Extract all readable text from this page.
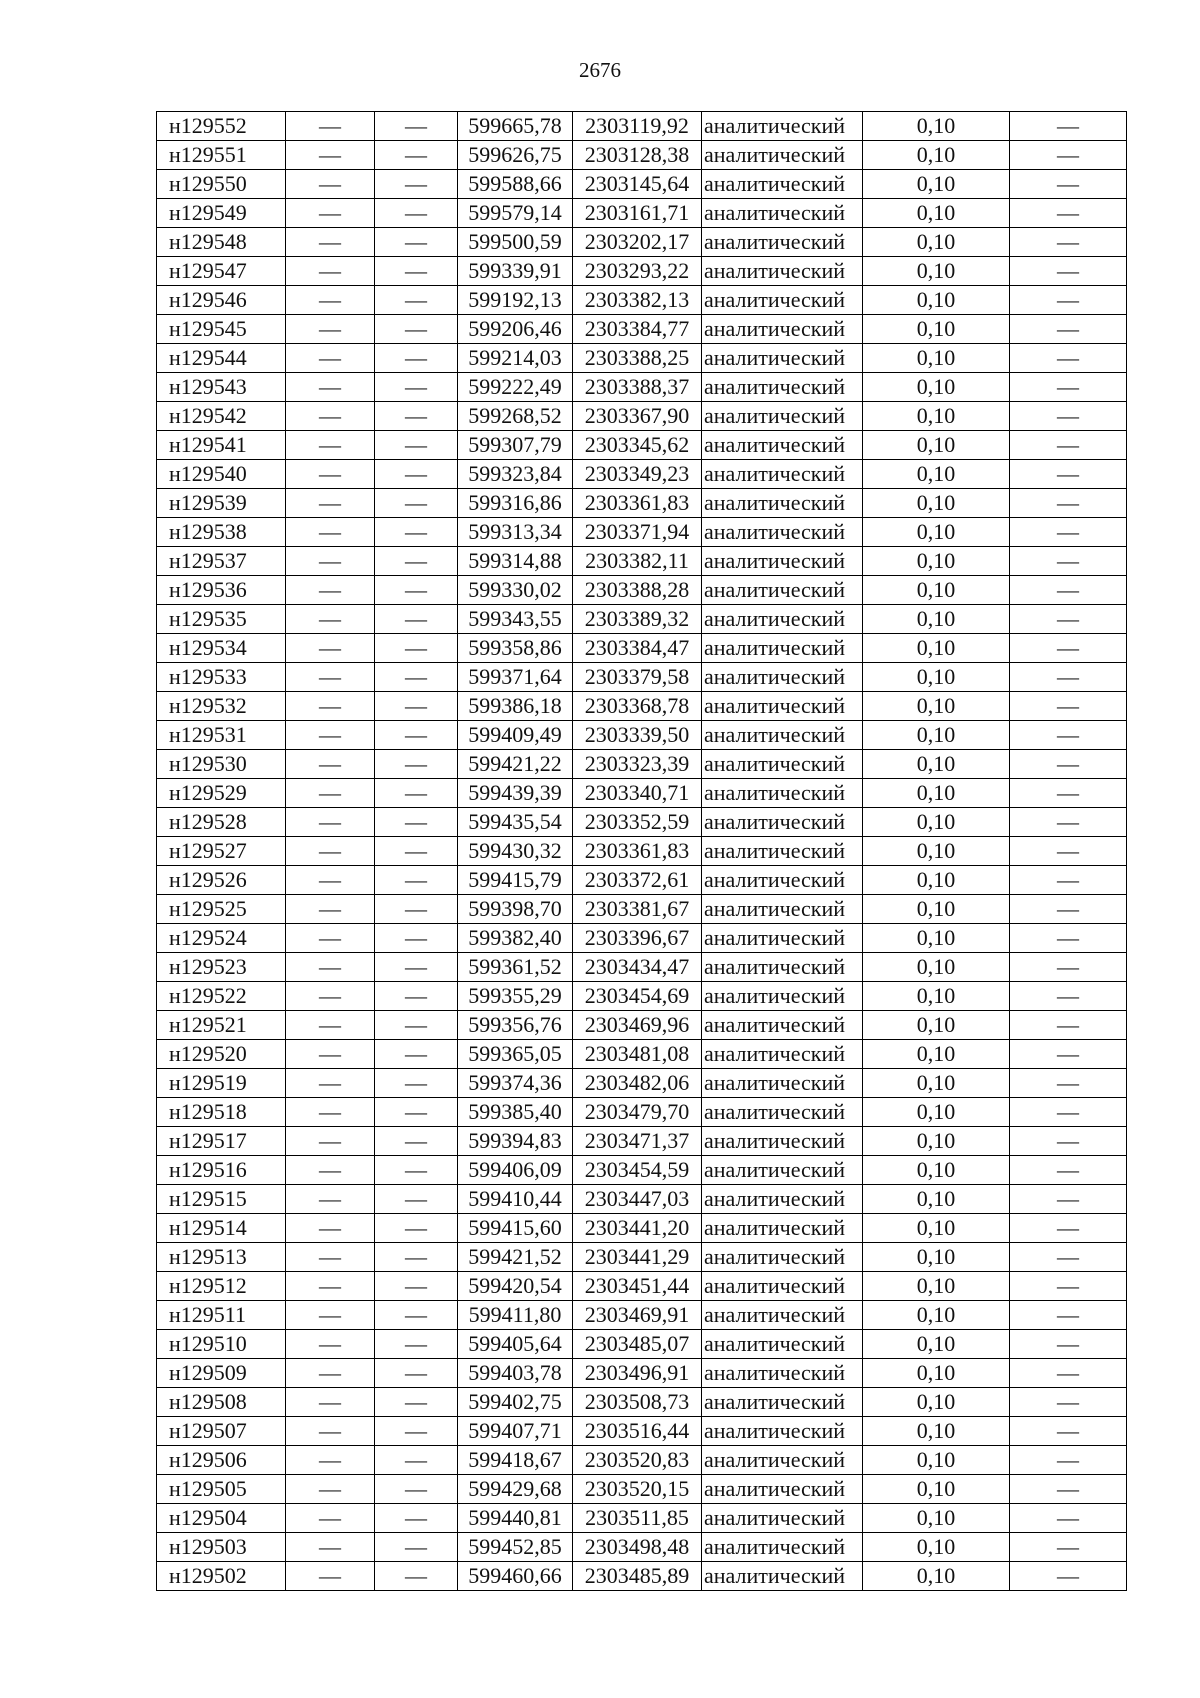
2676
н129552	—	—	599665,78	2303119,92	аналитический	0,10	—
н129551	—	—	599626,75	2303128,38	аналитический	0,10	—
н129550	—	—	599588,66	2303145,64	аналитический	0,10	—
н129549	—	—	599579,14	2303161,71	аналитический	0,10	—
н129548	—	—	599500,59	2303202,17	аналитический	0,10	—
н129547	—	—	599339,91	2303293,22	аналитический	0,10	—
н129546	—	—	599192,13	2303382,13	аналитический	0,10	—
н129545	—	—	599206,46	2303384,77	аналитический	0,10	—
н129544	—	—	599214,03	2303388,25	аналитический	0,10	—
н129543	—	—	599222,49	2303388,37	аналитический	0,10	—
н129542	—	—	599268,52	2303367,90	аналитический	0,10	—
н129541	—	—	599307,79	2303345,62	аналитический	0,10	—
н129540	—	—	599323,84	2303349,23	аналитический	0,10	—
н129539	—	—	599316,86	2303361,83	аналитический	0,10	—
н129538	—	—	599313,34	2303371,94	аналитический	0,10	—
н129537	—	—	599314,88	2303382,11	аналитический	0,10	—
н129536	—	—	599330,02	2303388,28	аналитический	0,10	—
н129535	—	—	599343,55	2303389,32	аналитический	0,10	—
н129534	—	—	599358,86	2303384,47	аналитический	0,10	—
н129533	—	—	599371,64	2303379,58	аналитический	0,10	—
н129532	—	—	599386,18	2303368,78	аналитический	0,10	—
н129531	—	—	599409,49	2303339,50	аналитический	0,10	—
н129530	—	—	599421,22	2303323,39	аналитический	0,10	—
н129529	—	—	599439,39	2303340,71	аналитический	0,10	—
н129528	—	—	599435,54	2303352,59	аналитический	0,10	—
н129527	—	—	599430,32	2303361,83	аналитический	0,10	—
н129526	—	—	599415,79	2303372,61	аналитический	0,10	—
н129525	—	—	599398,70	2303381,67	аналитический	0,10	—
н129524	—	—	599382,40	2303396,67	аналитический	0,10	—
н129523	—	—	599361,52	2303434,47	аналитический	0,10	—
н129522	—	—	599355,29	2303454,69	аналитический	0,10	—
н129521	—	—	599356,76	2303469,96	аналитический	0,10	—
н129520	—	—	599365,05	2303481,08	аналитический	0,10	—
н129519	—	—	599374,36	2303482,06	аналитический	0,10	—
н129518	—	—	599385,40	2303479,70	аналитический	0,10	—
н129517	—	—	599394,83	2303471,37	аналитический	0,10	—
н129516	—	—	599406,09	2303454,59	аналитический	0,10	—
н129515	—	—	599410,44	2303447,03	аналитический	0,10	—
н129514	—	—	599415,60	2303441,20	аналитический	0,10	—
н129513	—	—	599421,52	2303441,29	аналитический	0,10	—
н129512	—	—	599420,54	2303451,44	аналитический	0,10	—
н129511	—	—	599411,80	2303469,91	аналитический	0,10	—
н129510	—	—	599405,64	2303485,07	аналитический	0,10	—
н129509	—	—	599403,78	2303496,91	аналитический	0,10	—
н129508	—	—	599402,75	2303508,73	аналитический	0,10	—
н129507	—	—	599407,71	2303516,44	аналитический	0,10	—
н129506	—	—	599418,67	2303520,83	аналитический	0,10	—
н129505	—	—	599429,68	2303520,15	аналитический	0,10	—
н129504	—	—	599440,81	2303511,85	аналитический	0,10	—
н129503	—	—	599452,85	2303498,48	аналитический	0,10	—
н129502	—	—	599460,66	2303485,89	аналитический	0,10	—
